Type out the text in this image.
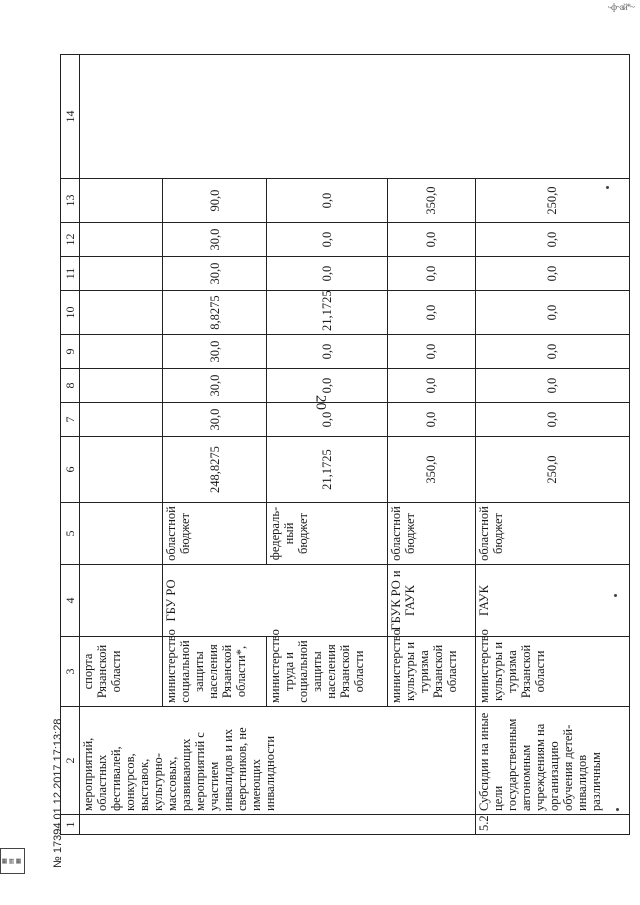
·-ф~ай*~
20
1	2	3	4	5	6	7	8	9	10	11	12	13	14
	мероприятий, областных фестивалей, конкурсов, выставок, культурно-массовых, развивающих мероприятий с участием инвалидов и их сверстников, не имеющих инвалидности	спорта Рязанской области											
		министерство социальной защиты населения Рязанской области*,	ГБУ РО	областной бюджет	248,8275	30,0	30,0	30,0	8,8275	30,0	30,0	90,0	
		министерство труда и социальной защиты населения Рязанской области		федераль-ный бюджет	21,1725	0,0	0,0	0,0	21,1725	0,0	0,0	0,0	
		министерство культуры и туризма Рязанской области	ГБУК РО и ГАУК	областной бюджет	350,0	0,0	0,0	0,0	0,0	0,0	0,0	350,0	
5.2	Субсидии на иные цели государственным автономным учреждениям на организацию обучения детей-инвалидов различным	министерство культуры и туризма Рязанской области	ГАУК	областной бюджет	250,0	0,0	0,0	0,0	0,0	0,0	0,0	250,0	
▦
▤
▦	№ 17394 01.12.2017 17:13:28
